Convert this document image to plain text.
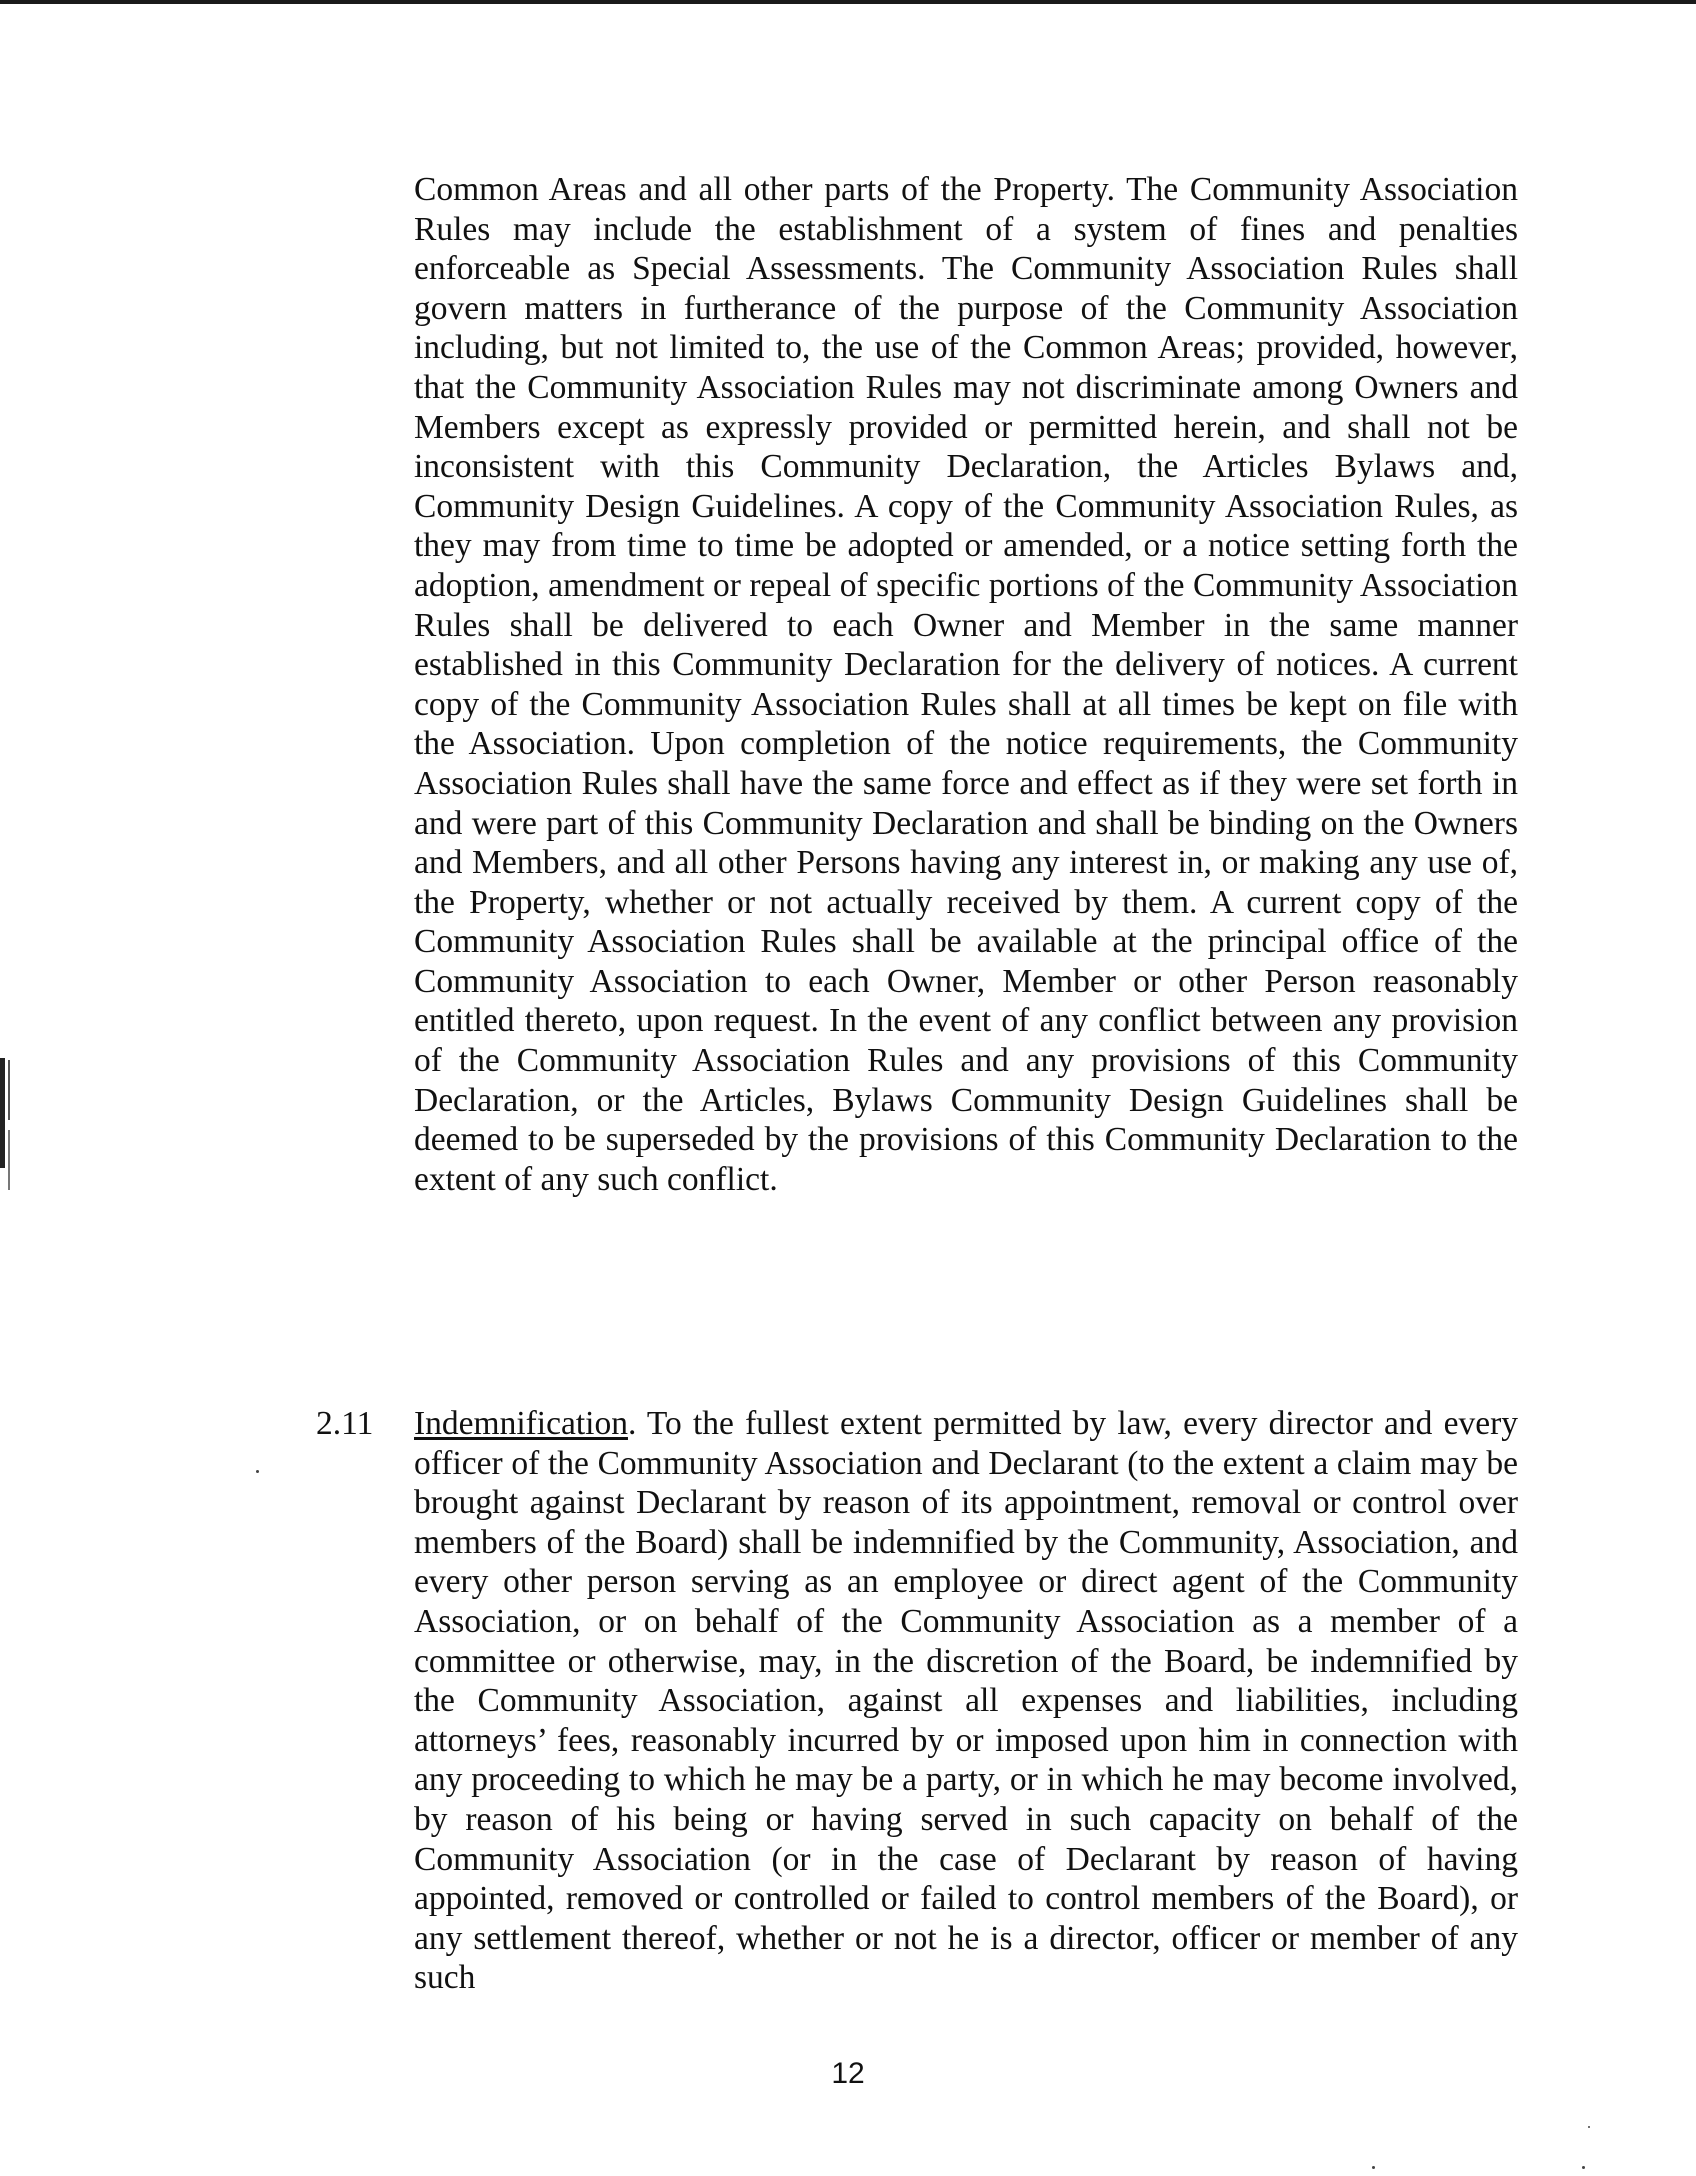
Common Areas and all other parts of the Property. The Community Association Rules may include the establishment of a system of fines and penalties enforceable as Special Assessments. The Community Association Rules shall govern matters in furtherance of the purpose of the Community Association including, but not limited to, the use of the Common Areas; provided, however, that the Community Association Rules may not discriminate among Owners and Members except as expressly provided or permitted herein, and shall not be inconsistent with this Community Declaration, the Articles Bylaws and, Community Design Guidelines. A copy of the Community Association Rules, as they may from time to time be adopted or amended, or a notice setting forth the adoption, amendment or repeal of specific portions of the Community Association Rules shall be delivered to each Owner and Member in the same manner established in this Community Declaration for the delivery of notices. A current copy of the Community Association Rules shall at all times be kept on file with the Association. Upon completion of the notice requirements, the Community Association Rules shall have the same force and effect as if they were set forth in and were part of this Community Declaration and shall be binding on the Owners and Members, and all other Persons having any interest in, or making any use of, the Property, whether or not actually received by them. A current copy of the Community Association Rules shall be available at the principal office of the Community Association to each Owner, Member or other Person reasonably entitled thereto, upon request. In the event of any conflict between any provision of the Community Association Rules and any provisions of this Community Declaration, or the Articles, Bylaws Community Design Guidelines shall be deemed to be superseded by the provisions of this Community Declaration to the extent of any such conflict.

2.11 Indemnification. To the fullest extent permitted by law, every director and every officer of the Community Association and Declarant (to the extent a claim may be brought against Declarant by reason of its appointment, removal or control over members of the Board) shall be indemnified by the Community, Association, and every other person serving as an employee or direct agent of the Community Association, or on behalf of the Community Association as a member of a committee or otherwise, may, in the discretion of the Board, be indemnified by the Community Association, against all expenses and liabilities, including attorneys’ fees, reasonably incurred by or imposed upon him in connection with any proceeding to which he may be a party, or in which he may become involved, by reason of his being or having served in such capacity on behalf of the Community Association (or in the case of Declarant by reason of having appointed, removed or controlled or failed to control members of the Board), or any settlement thereof, whether or not he is a director, officer or member of any such

12
